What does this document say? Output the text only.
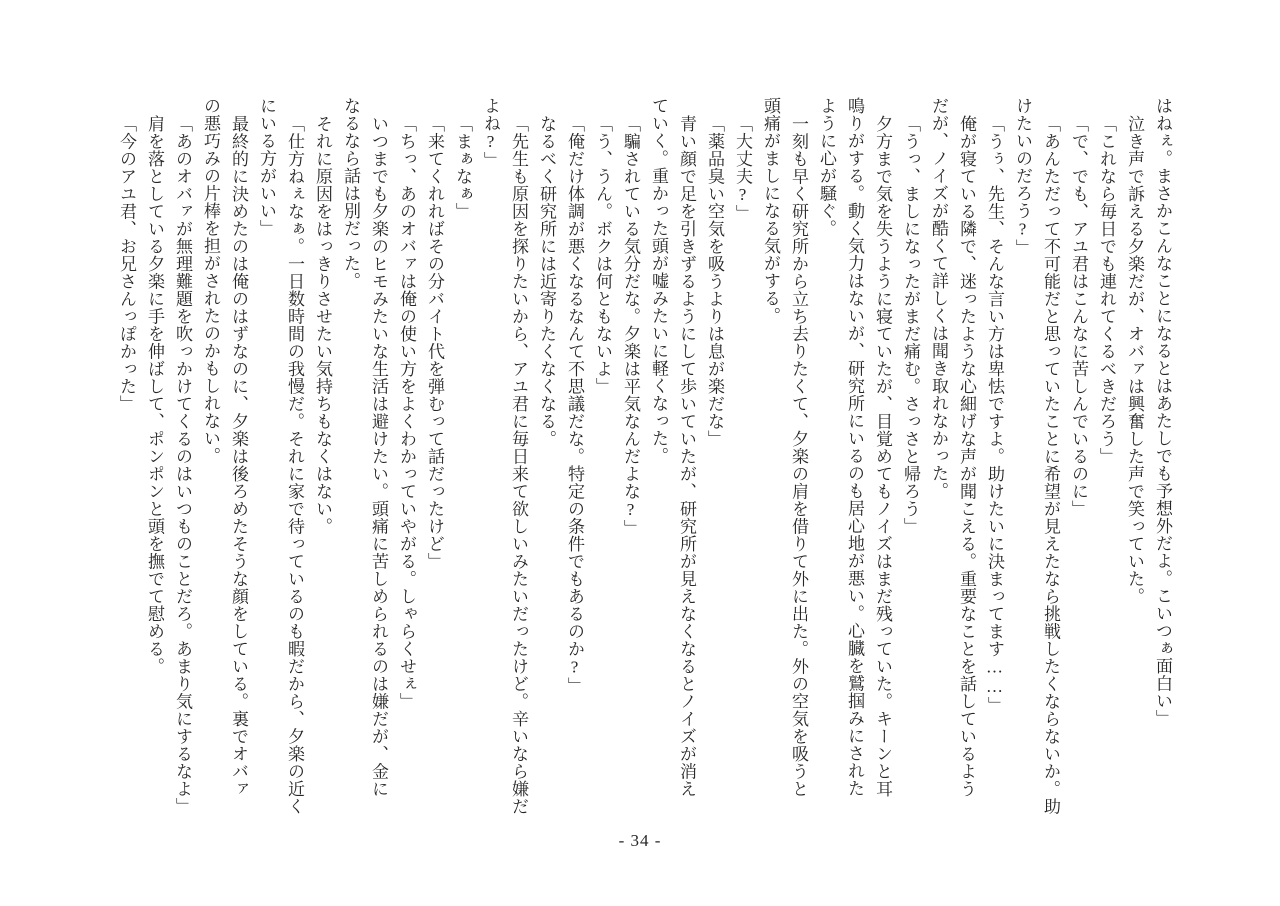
はねぇ。まさかこんなことになるとはあたしでも予想外だよ。こいつぁ面白い」
泣き声で訴える夕楽だが、オバァは興奮した声で笑っていた。
「これなら毎日でも連れてくるべきだろう」
「で、でも、アユ君はこんなに苦しんでいるのに」
「あんただって不可能だと思っていたことに希望が見えたなら挑戦したくならないか。助
けたいのだろう?」
「うぅ、先生、そんな言い方は卑怯ですよ。助けたいに決まってます……」
俺が寝ている隣で、迷ったような心細げな声が聞こえる。重要なことを話しているよう
だが、ノイズが酷くて詳しくは聞き取れなかった。
「うっ、ましになったがまだ痛む。さっさと帰ろう」
夕方まで気を失うように寝ていたが、目覚めてもノイズはまだ残っていた。キーンと耳
鳴りがする。動く気力はないが、研究所にいるのも居心地が悪い。心臓を鷲掴みにされた
ように心が騒ぐ。
一刻も早く研究所から立ち去りたくて、夕楽の肩を借りて外に出た。外の空気を吸うと
頭痛がましになる気がする。
「大丈夫?」
「薬品臭い空気を吸うよりは息が楽だな」
青い顔で足を引きずるようにして歩いていたが、研究所が見えなくなるとノイズが消え
ていく。重かった頭が嘘みたいに軽くなった。
「騙されている気分だな。夕楽は平気なんだよな?」
「う、うん。ボクは何ともないよ」
「俺だけ体調が悪くなるなんて不思議だな。特定の条件でもあるのか?」
なるべく研究所には近寄りたくなくなる。
「先生も原因を探りたいから、アユ君に毎日来て欲しいみたいだったけど。辛いなら嫌だ
よね?」
「まぁなぁ」
「来てくれればその分バイト代を弾むって話だったけど」
「ちっ、あのオバァは俺の使い方をよくわかっていやがる。しゃらくせぇ」
いつまでも夕楽のヒモみたいな生活は避けたい。頭痛に苦しめられるのは嫌だが、金に
なるなら話は別だった。
それに原因をはっきりさせたい気持ちもなくはない。
「仕方ねぇなぁ。一日数時間の我慢だ。それに家で待っているのも暇だから、夕楽の近く
にいる方がいい」
最終的に決めたのは俺のはずなのに、夕楽は後ろめたそうな顔をしている。裏でオバァ
の悪巧みの片棒を担がされたのかもしれない。
「あのオバァが無理難題を吹っかけてくるのはいつものことだろ。あまり気にするなよ」
肩を落としている夕楽に手を伸ばして、ポンポンと頭を撫でて慰める。
「今のアユ君、お兄さんっぽかった」
- 34 -
